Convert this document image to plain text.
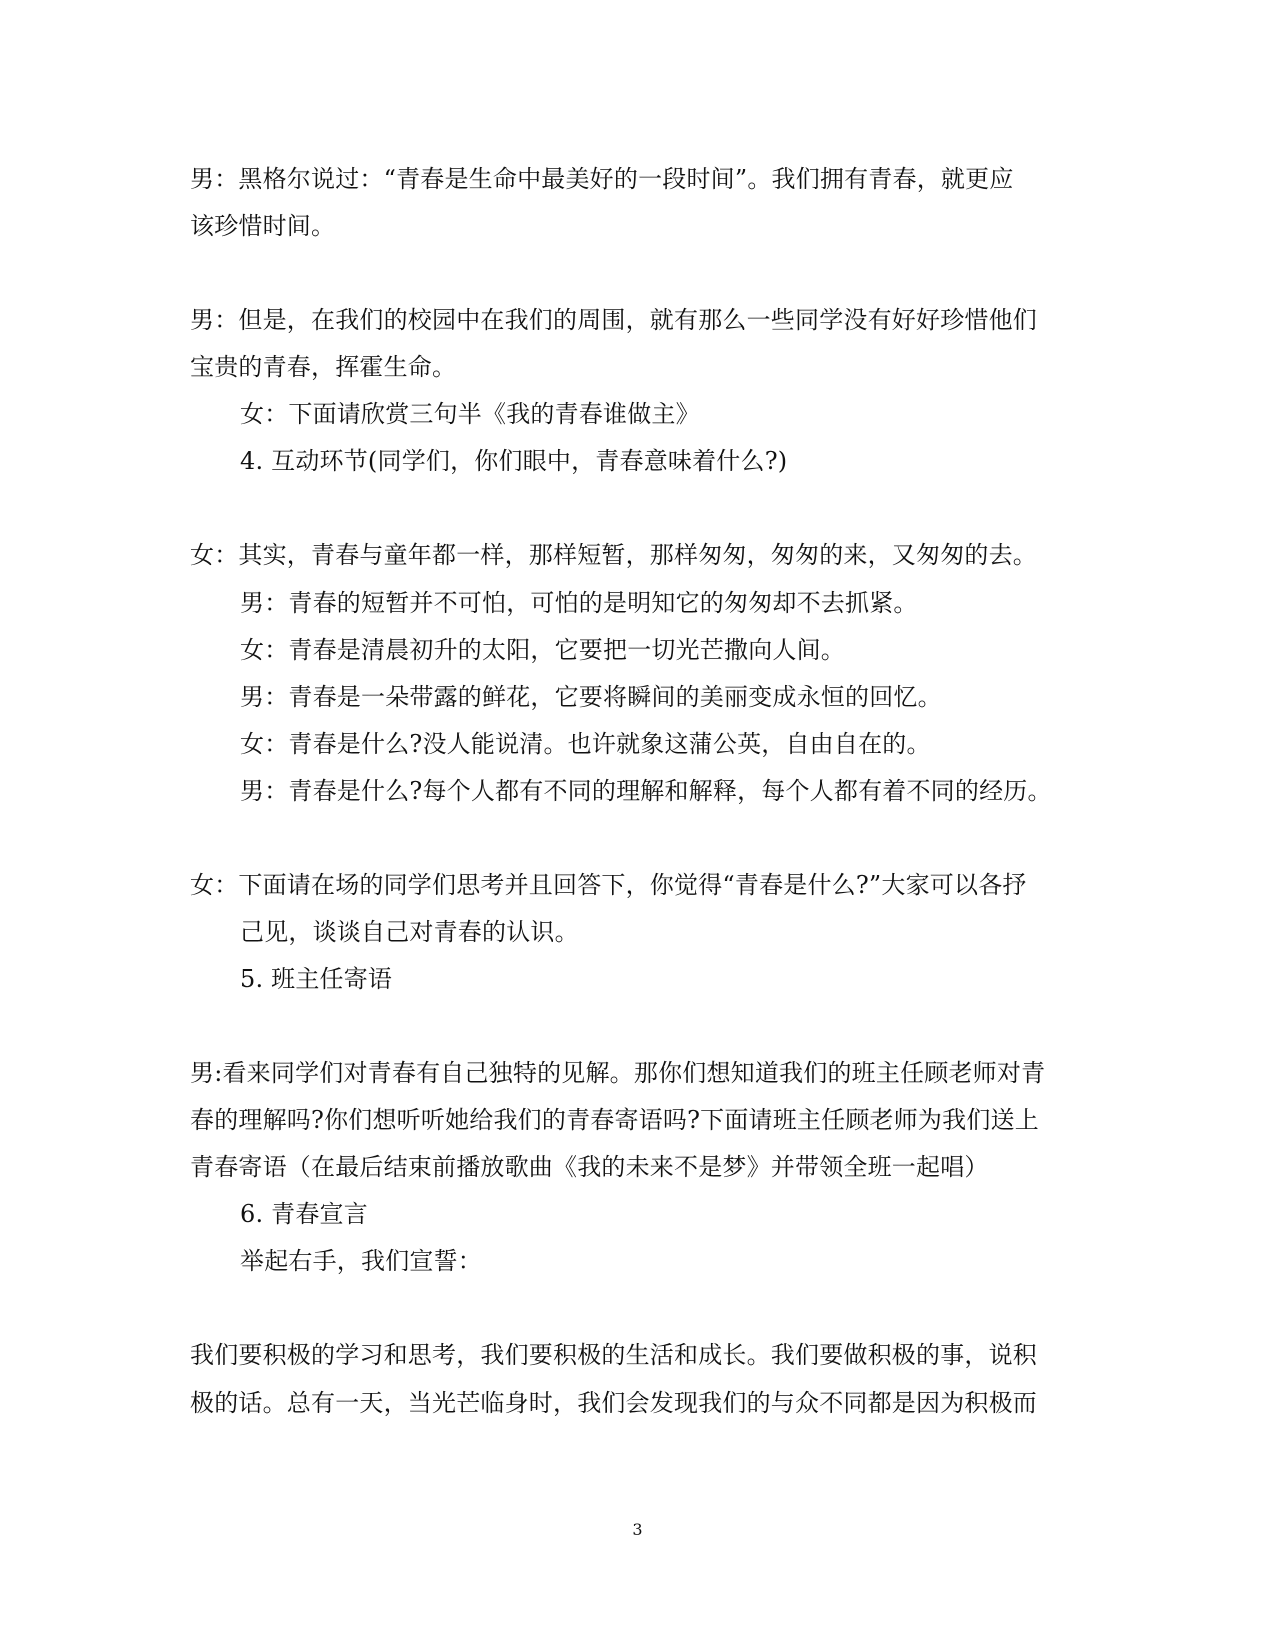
男：黑格尔说过：“青春是生命中最美好的一段时间”。我们拥有青春，就更应
该珍惜时间。
男：但是，在我们的校园中在我们的周围，就有那么一些同学没有好好珍惜他们
宝贵的青春，挥霍生命。
女：下面请欣赏三句半《我的青春谁做主》
4. 互动环节(同学们，你们眼中，青春意味着什么?)
女：其实，青春与童年都一样，那样短暂，那样匆匆，匆匆的来，又匆匆的去。
男：青春的短暂并不可怕，可怕的是明知它的匆匆却不去抓紧。
女：青春是清晨初升的太阳，它要把一切光芒撒向人间。
男：青春是一朵带露的鲜花，它要将瞬间的美丽变成永恒的回忆。
女：青春是什么?没人能说清。也许就象这蒲公英，自由自在的。
男：青春是什么?每个人都有不同的理解和解释，每个人都有着不同的经历。
女：下面请在场的同学们思考并且回答下，你觉得“青春是什么?”大家可以各抒
己见，谈谈自己对青春的认识。
5. 班主任寄语
男:看来同学们对青春有自己独特的见解。那你们想知道我们的班主任顾老师对青
春的理解吗?你们想听听她给我们的青春寄语吗?下面请班主任顾老师为我们送上
青春寄语（在最后结束前播放歌曲《我的未来不是梦》并带领全班一起唱）
6. 青春宣言
举起右手，我们宣誓：
我们要积极的学习和思考，我们要积极的生活和成长。我们要做积极的事，说积
极的话。总有一天，当光芒临身时，我们会发现我们的与众不同都是因为积极而
3
